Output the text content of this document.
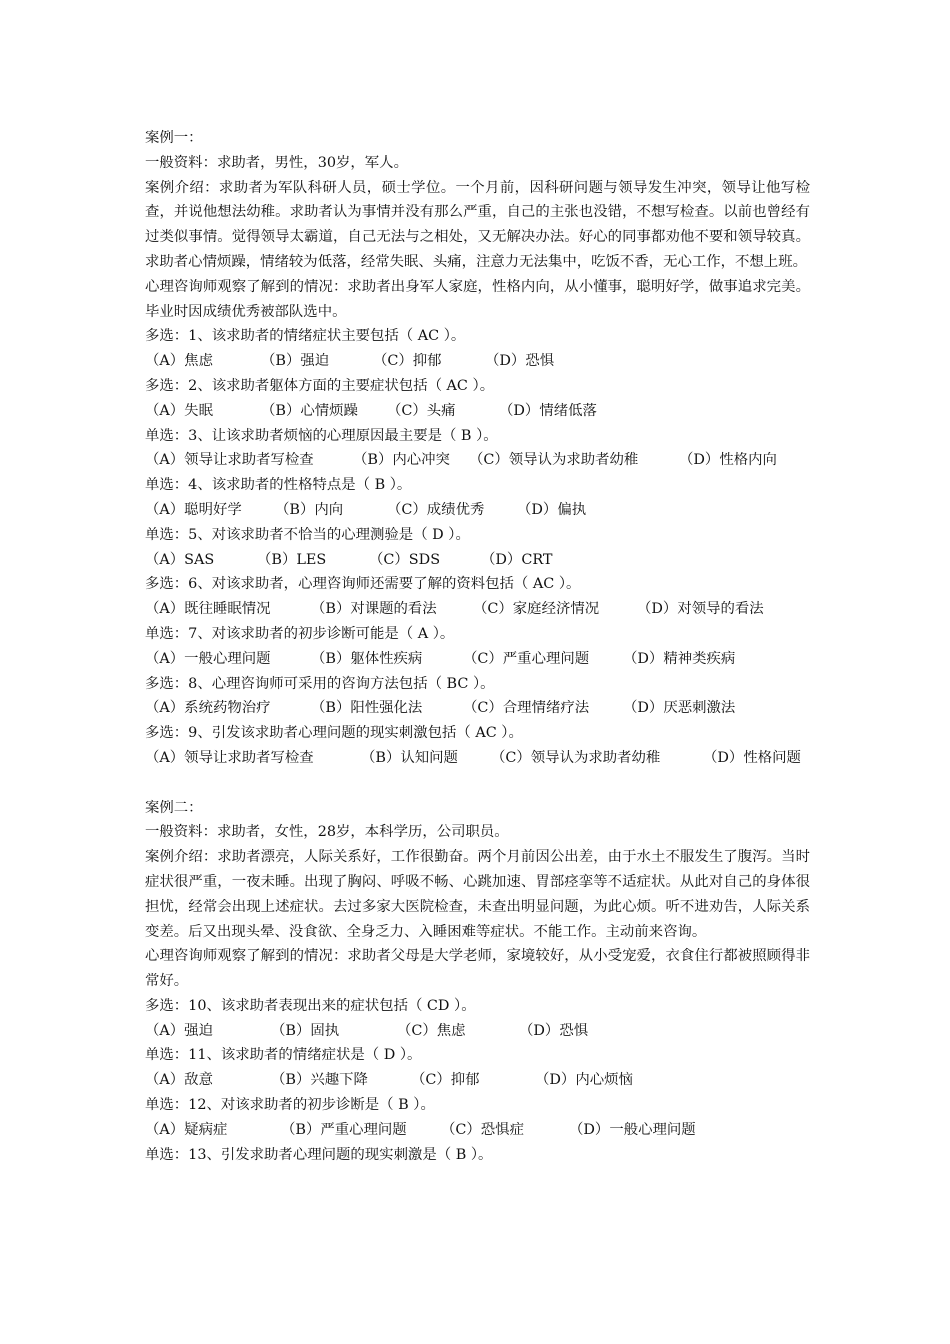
案例一：
一般资料：求助者，男性，30岁，军人。
案例介绍：求助者为军队科研人员，硕士学位。一个月前，因科研问题与领导发生冲突，领导让他写检查，并说他想法幼稚。求助者认为事情并没有那么严重，自己的主张也没错，不想写检查。以前也曾经有过类似事情。觉得领导太霸道，自己无法与之相处，又无解决办法。好心的同事都劝他不要和领导较真。求助者心情烦躁，情绪较为低落，经常失眠、头痛，注意力无法集中，吃饭不香，无心工作，不想上班。
心理咨询师观察了解到的情况：求助者出身军人家庭，性格内向，从小懂事，聪明好学，做事追求完美。毕业时因成绩优秀被部队选中。
多选：1、该求助者的情绪症状主要包括（ AC ）。
（A）焦虑	（B）强迫	（C）抑郁	（D）恐惧
多选：2、该求助者躯体方面的主要症状包括（ AC ）。
（A）失眠	（B）心情烦躁	（C）头痛	（D）情绪低落
单选：3、让该求助者烦恼的心理原因最主要是（ B ）。
（A）领导让求助者写检查	（B）内心冲突	（C）领导认为求助者幼稚	（D）性格内向
单选：4、该求助者的性格特点是（ B ）。
（A）聪明好学	（B）内向	（C）成绩优秀	（D）偏执
单选：5、对该求助者不恰当的心理测验是（ D ）。
（A）SAS	（B）LES	（C）SDS	（D）CRT
多选：6、对该求助者，心理咨询师还需要了解的资料包括（ AC ）。
（A）既往睡眠情况	（B）对课题的看法	（C）家庭经济情况	（D）对领导的看法
单选：7、对该求助者的初步诊断可能是（ A ）。
（A）一般心理问题	（B）躯体性疾病	（C）严重心理问题	（D）精神类疾病
多选：8、心理咨询师可采用的咨询方法包括（ BC ）。
（A）系统药物治疗	（B）阳性强化法	（C）合理情绪疗法	（D）厌恶刺激法
多选：9、引发该求助者心理问题的现实刺激包括（ AC ）。
（A）领导让求助者写检查	（B）认知问题	（C）领导认为求助者幼稚	（D）性格问题
案例二：
一般资料：求助者，女性，28岁，本科学历，公司职员。
案例介绍：求助者漂亮，人际关系好，工作很勤奋。两个月前因公出差，由于水土不服发生了腹泻。当时症状很严重，一夜未睡。出现了胸闷、呼吸不畅、心跳加速、胃部痉挛等不适症状。从此对自己的身体很担忧，经常会出现上述症状。去过多家大医院检查，未查出明显问题，为此心烦。听不进劝告，人际关系变差。后又出现头晕、没食欲、全身乏力、入睡困难等症状。不能工作。主动前来咨询。
心理咨询师观察了解到的情况：求助者父母是大学老师，家境较好，从小受宠爱，衣食住行都被照顾得非常好。
多选：10、该求助者表现出来的症状包括（ CD ）。
（A）强迫	（B）固执	（C）焦虑	（D）恐惧
单选：11、该求助者的情绪症状是（ D ）。
（A）敌意	（B）兴趣下降	（C）抑郁	（D）内心烦恼
单选：12、对该求助者的初步诊断是（ B ）。
（A）疑病症	（B）严重心理问题	（C）恐惧症	（D）一般心理问题
单选：13、引发求助者心理问题的现实刺激是（ B ）。
